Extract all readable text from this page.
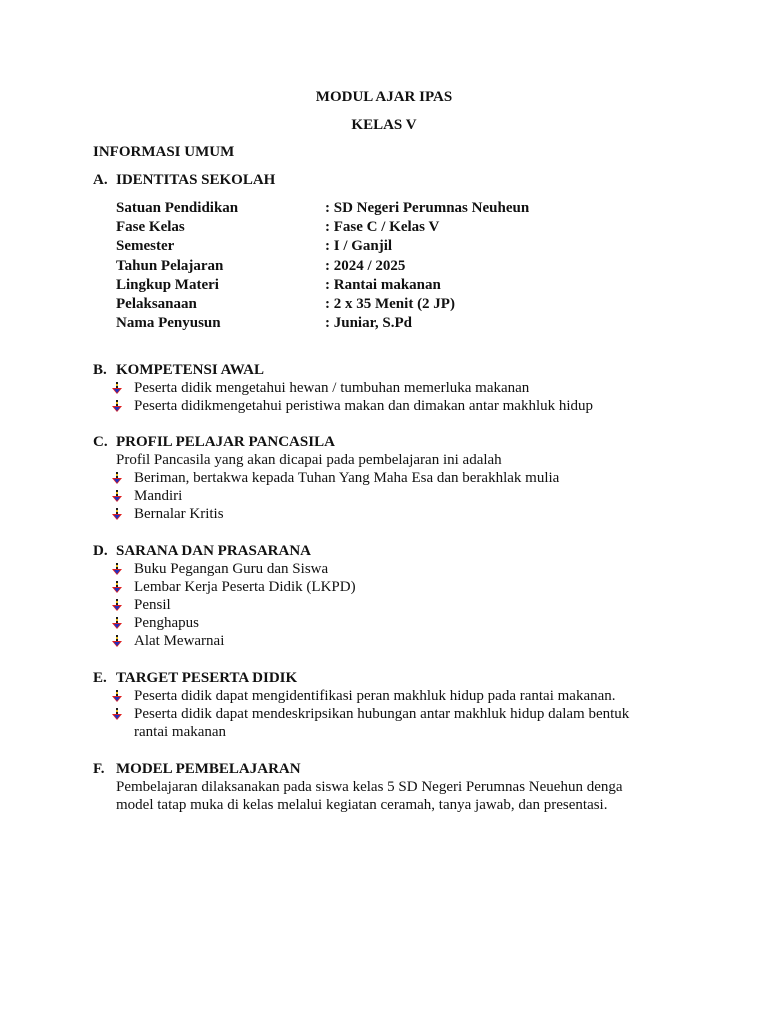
MODUL AJAR IPAS
KELAS V
INFORMASI UMUM
A. IDENTITAS SEKOLAH
Satuan Pendidikan	: SD Negeri Perumnas Neuheun
Fase Kelas	: Fase C / Kelas V
Semester	: I / Ganjil
Tahun Pelajaran	: 2024 / 2025
Lingkup Materi	: Rantai makanan
Pelaksanaan	: 2 x 35 Menit (2 JP)
Nama Penyusun	: Juniar, S.Pd
B. KOMPETENSI AWAL
Peserta didik mengetahui hewan / tumbuhan memerluka makanan
Peserta didikmengetahui peristiwa makan dan dimakan antar makhluk hidup
C. PROFIL PELAJAR PANCASILA
Profil Pancasila yang akan dicapai pada pembelajaran ini adalah
Beriman, bertakwa kepada Tuhan Yang Maha Esa dan berakhlak mulia
Mandiri
Bernalar Kritis
D. SARANA DAN PRASARANA
Buku Pegangan Guru dan Siswa
Lembar Kerja Peserta Didik (LKPD)
Pensil
Penghapus
Alat Mewarnai
E. TARGET PESERTA DIDIK
Peserta didik dapat mengidentifikasi peran makhluk hidup pada rantai makanan.
Peserta didik dapat mendeskripsikan hubungan antar makhluk hidup dalam bentuk rantai makanan
F. MODEL PEMBELAJARAN
Pembelajaran dilaksanakan pada siswa kelas 5 SD Negeri Perumnas Neuehun denga model tatap muka di kelas melalui kegiatan ceramah, tanya jawab, dan presentasi.
